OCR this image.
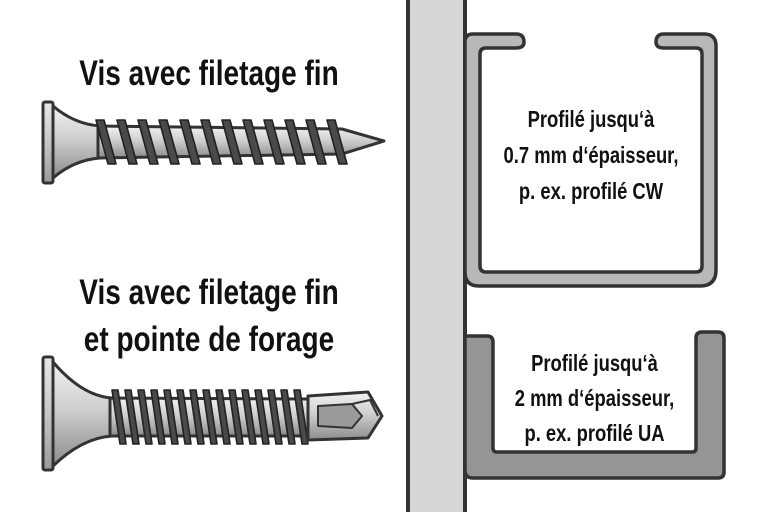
Vis avec filetage fin
Vis avec filetage fin
et pointe de forage
Profilé jusqu‘à
0.7 mm d‘épaisseur,
p. ex. profilé CW
Profilé jusqu‘à
2 mm d‘épaisseur,
p. ex. profilé UA
